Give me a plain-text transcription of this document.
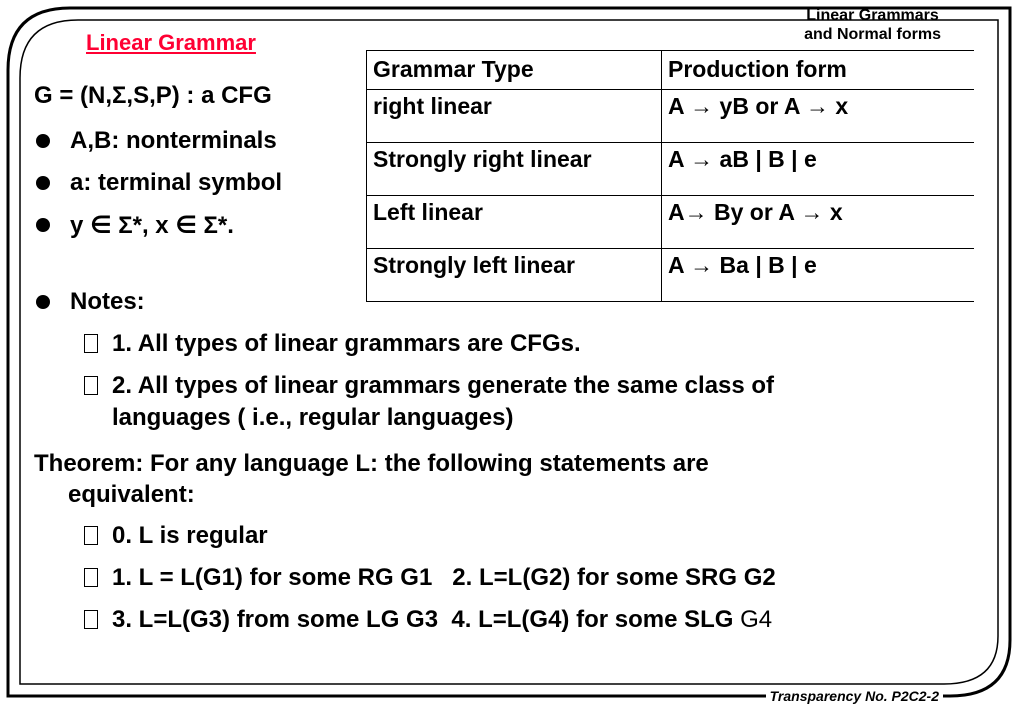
Linear Grammars
and Normal forms
Linear Grammar
G = (N,Σ,S,P) : a CFG
A,B: nonterminals
a: terminal symbol
y ∈ Σ*, x ∈ Σ*.
Grammar Type	Production form
right linear	A → yB or A → x
Strongly right linear	A → aB | B | e
Left linear	A→ By or A → x
Strongly left linear	A → Ba | B | e
Notes:
1. All types of linear grammars are CFGs.
2. All types of linear grammars generate the same class of
languages ( i.e., regular languages)
Theorem: For any language L: the following statements are
equivalent:
0. L is regular
1. L = L(G1) for some RG G1   2. L=L(G2) for some SRG G2
3. L=L(G3) from some LG G3  4. L=L(G4) for some SLG G4
Transparency No. P2C2-2
